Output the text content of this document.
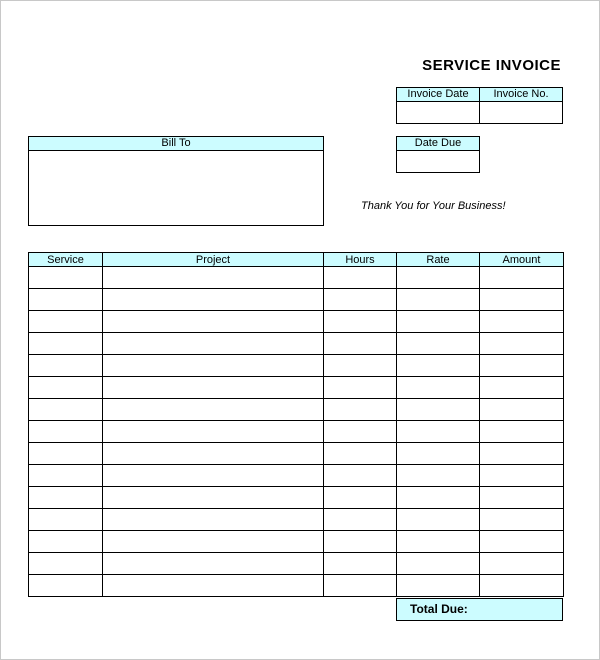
SERVICE INVOICE
Invoice Date	Invoice No.
Date Due
Bill To
Thank You for Your Business!
Service	Project	Hours	Rate	Amount

Total Due:
